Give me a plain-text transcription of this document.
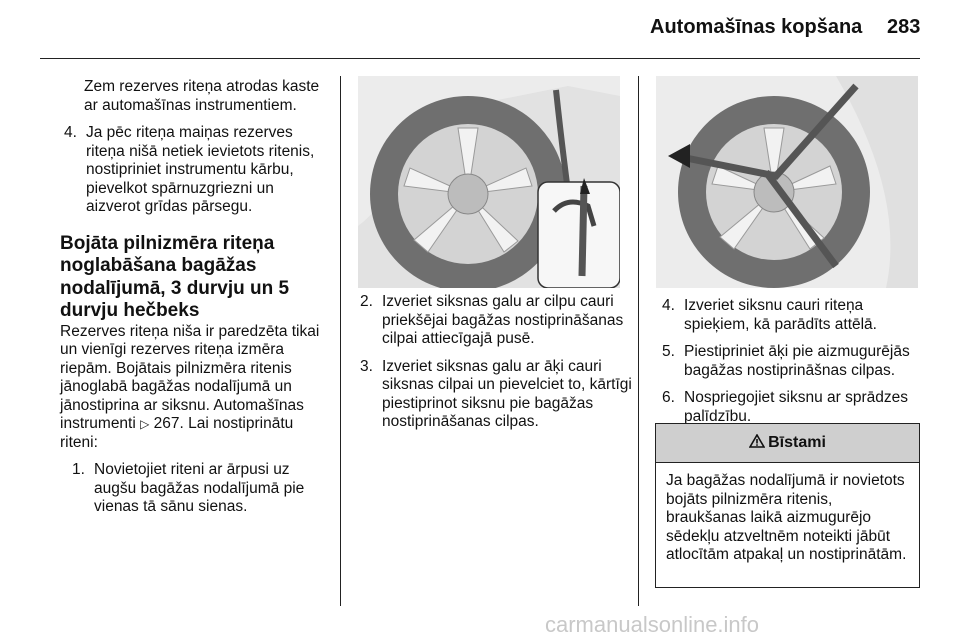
Automašīnas kopšana 283

Zem rezerves riteņa atrodas kaste ar automašīnas instrumentiem.

4. Ja pēc riteņa maiņas rezerves riteņa nišā netiek ievietots ritenis, nostipriniet instrumentu kārbu, pievelkot spārnuzgriezni un aizverot grīdas pārsegu.
Bojāta pilnizmēra riteņa noglabāšana bagāžas nodalījumā, 3 durvju un 5 durvju hečbeks

Rezerves riteņa niša ir paredzēta tikai un vienīgi rezerves riteņa izmēra riepām. Bojātais pilnizmēra ritenis jānoglabā bagāžas nodalījumā un jānostiprina ar siksnu. Automašīnas instrumenti ▷ 267. Lai nostiprinātu riteni:

1. Novietojiet riteni ar ārpusi uz augšu bagāžas nodalījumā pie vienas tā sānu sienas.
2. Izveriet siksnas galu ar cilpu cauri priekšējai bagāžas nostiprināšanas cilpai attiecīgajā pusē.
3. Izveriet siksnas galu ar āķi cauri siksnas cilpai un pievelciet to, kārtīgi piestiprinot siksnu pie bagāžas nostiprināšanas cilpas.
4. Izveriet siksnu cauri riteņa spieķiem, kā parādīts attēlā.
5. Piestipriniet āķi pie aizmugurējās bagāžas nostiprināšnas cilpas.
6. Nospriegojiet siksnu ar sprādzes palīdzību.
Bīstami
Ja bagāžas nodalījumā ir novietots bojāts pilnizmēra ritenis, braukšanas laikā aizmugurējo sēdekļu atzveltnēm noteikti jābūt atlocītām atpakaļ un nostiprinātām.
carmanualsonline.info
